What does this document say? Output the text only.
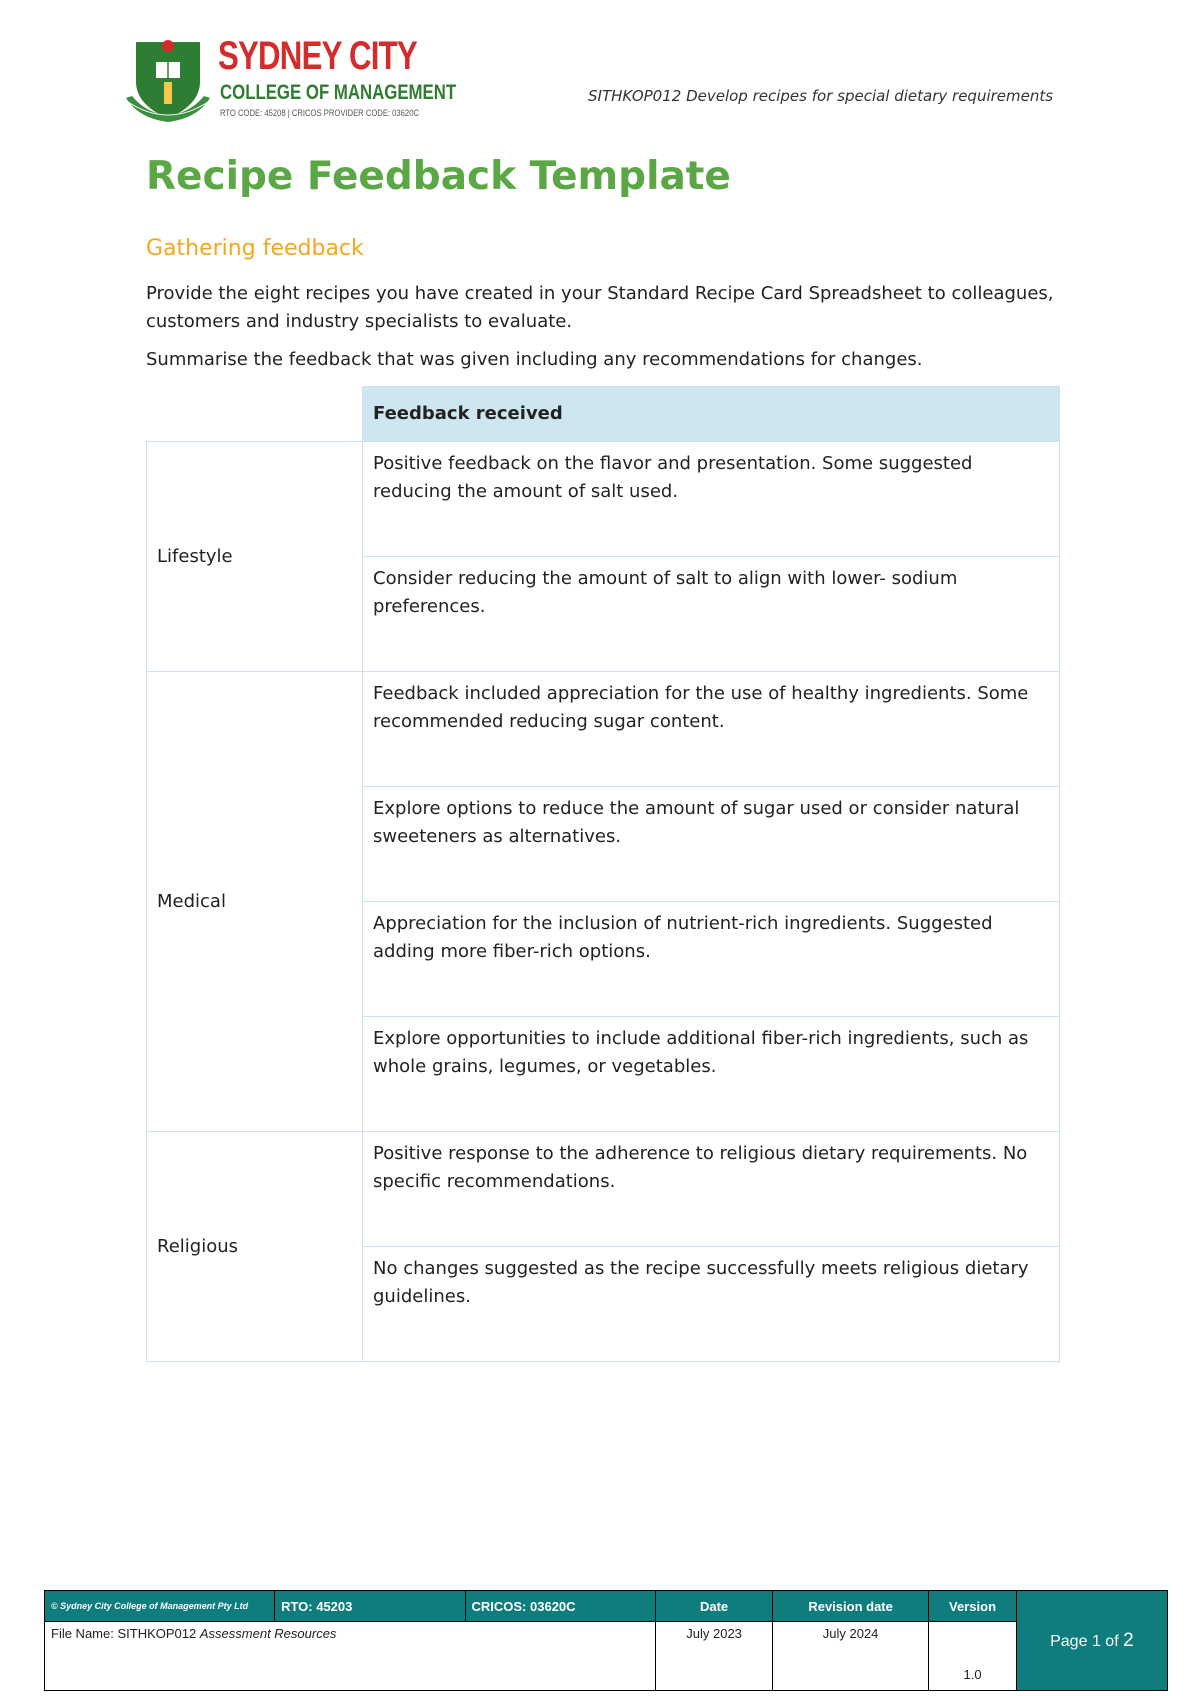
SYDNEY CITY
COLLEGE OF MANAGEMENT
RTO CODE: 45208 | CRICOS PROVIDER CODE: 03620C
SITHKOP012 Develop recipes for special dietary requirements
Recipe Feedback Template
Gathering feedback

Provide the eight recipes you have created in your Standard Recipe Card Spreadsheet to colleagues, customers and industry specialists to evaluate.

Summarise the feedback that was given including any recommendations for changes.

	Feedback received
Lifestyle	Positive feedback on the flavor and presentation. Some suggested reducing the amount of salt used.
	Consider reducing the amount of salt to align with lower- sodium preferences.
Medical	Feedback included appreciation for the use of healthy ingredients. Some recommended reducing sugar content.
	Explore options to reduce the amount of sugar used or consider natural sweeteners as alternatives.
	Appreciation for the inclusion of nutrient-rich ingredients. Suggested adding more fiber-rich options.
	Explore opportunities to include additional fiber-rich ingredients, such as whole grains, legumes, or vegetables.
Religious	Positive response to the adherence to religious dietary requirements. No specific recommendations.
	No changes suggested as the recipe successfully meets religious dietary guidelines.
© Sydney City College of Management Pty Ltd	RTO: 45203	CRICOS: 03620C	Date	Revision date	Version	Page 1 of 2
File Name: SITHKOP012 Assessment Resources			July 2023	July 2024	1.0	
